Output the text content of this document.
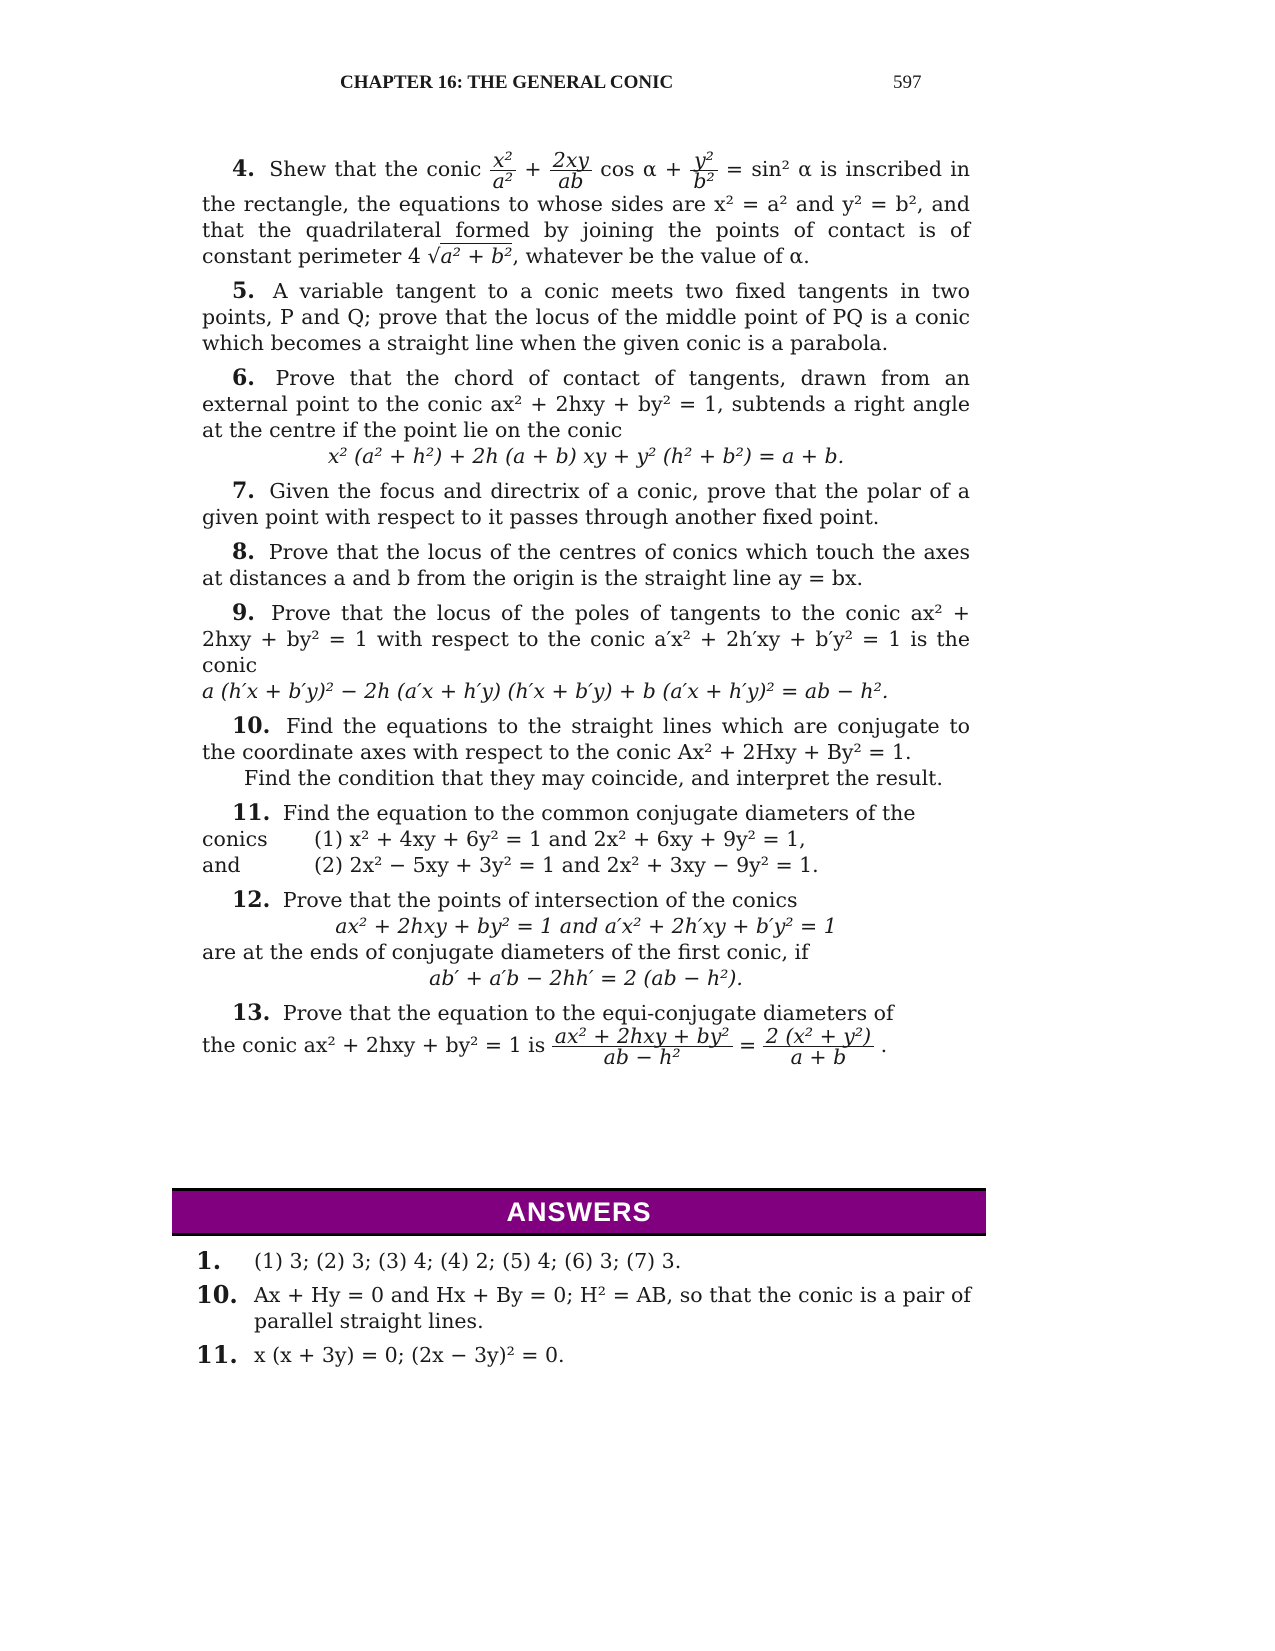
CHAPTER 16: THE GENERAL CONIC	597

4. Shew that the conic $\frac{\text{x²}}{\text{a²}} + \frac{2xy}{ab}$ $\cos \alpha + \frac{\text{y²}}{\text{b²}} = \sin^2$ α is inscribed in the rectangle, the equations to whose sides are x² = a² and y² = b², and that the quadrilateral formed by joining the points of contact is of constant perimeter 4 √a² + b², whatever be the value of α.

5. A variable tangent to a conic meets two fixed tangents in two points, P and Q; prove that the locus of the middle point of PQ is a conic which becomes a straight line when the given conic is a parabola.

6. Prove that the chord of contact of tangents, drawn from an external point to the conic ax² + 2hxy + by² = 1, subtends a right angle at the centre if the point lie on the conic

x² (a² + h²) + 2h (a + b) xy + y² (h² + b²) = a + b.

7. Given the focus and directrix of a conic, prove that the polar of a given point with respect to it passes through another fixed point.

8. Prove that the locus of the centres of conics which touch the axes at distances a and b from the origin is the straight line ay = bx.

9. Prove that the locus of the poles of tangents to the conic ax² + 2hxy + by² = 1 with respect to the conic a′x² + 2h′xy + b′y² = 1 is the conic

a (h′x + b′y)² − 2h (a′x + h′y) (h′x + b′y) + b (a′x + h′y)² = ab − h².

10. Find the equations to the straight lines which are conjugate to the coordinate axes with respect to the conic Ax² + 2Hxy + By² = 1.

Find the condition that they may coincide, and interpret the result.

11. Find the equation to the common conjugate diameters of the

conics	(1) x² + 4xy + 6y² = 1 and 2x² + 6xy + 9y² = 1,
and	(2) 2x² − 5xy + 3y² = 1 and 2x² + 3xy − 9y² = 1.

12. Prove that the points of intersection of the conics

ax² + 2hxy + by² = 1 and a′x² + 2h′xy + b′y² = 1

are at the ends of conjugate diameters of the first conic, if

ab′ + a′b − 2hh′ = 2 (ab − h²).

13. Prove that the equation to the equi-conjugate diameters of

the conic ax² + 2hxy + by² = 1 is $\frac{\text{ax² + 2hxy + by²}}{\text{ab − h²}} = \frac{\text{2 (x² + y²)}}{a + b}$ .

ANSWERS
1.	(1) 3; (2) 3; (3) 4; (4) 2; (5) 4; (6) 3; (7) 3.
10. Ax + Hy = 0 and Hx + By = 0; H² = AB, so that the conic is a pair of parallel straight lines.
11. x (x + 3y) = 0; (2x − 3y)² = 0.
